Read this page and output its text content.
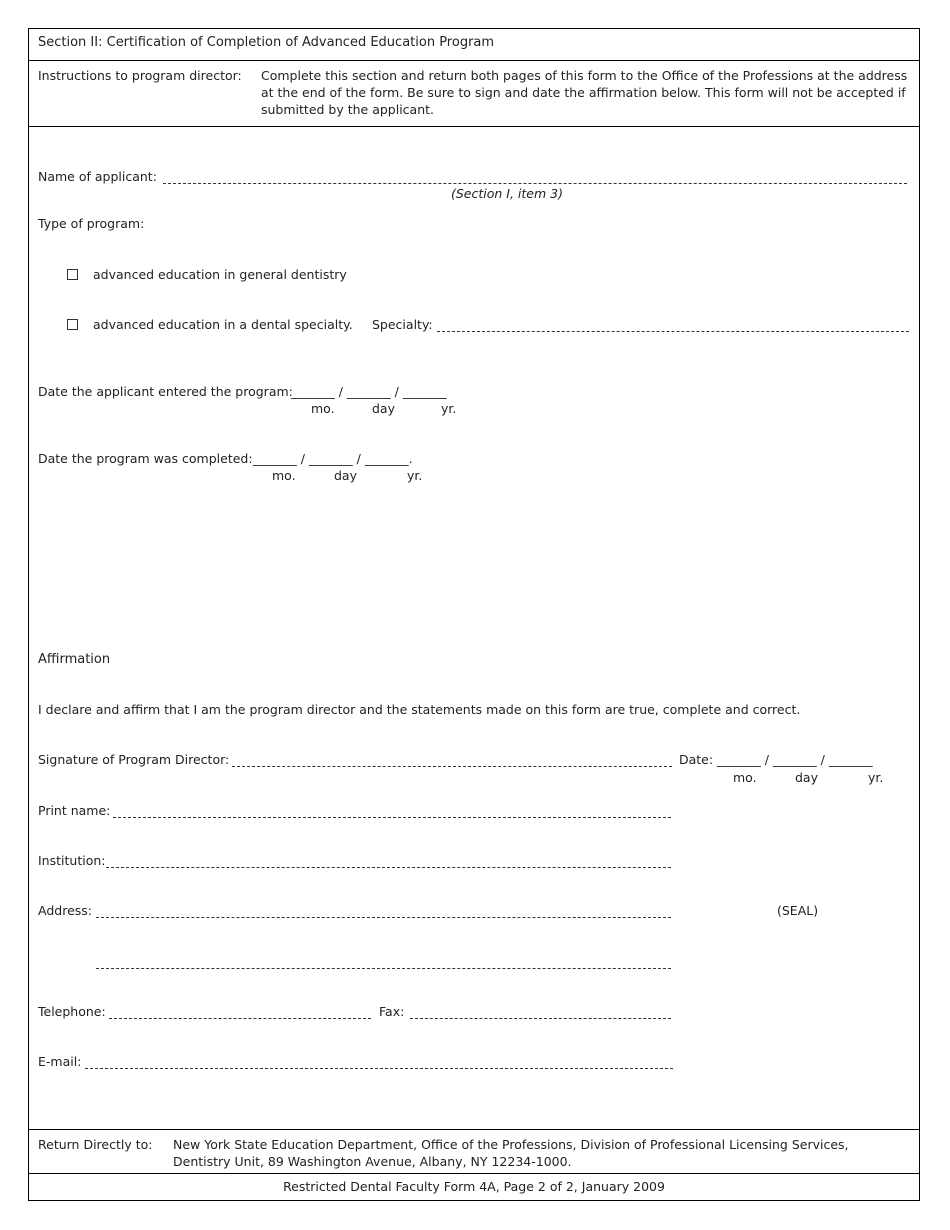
Section II: Certification of Completion of Advanced Education Program
Instructions to program director: Complete this section and return both pages of this form to the Office of the Professions at the address at the end of the form. Be sure to sign and date the affirmation below. This form will not be accepted if submitted by the applicant.
Name of applicant:
(Section I, item 3)
Type of program:
advanced education in general dentistry
advanced education in a dental specialty. Specialty:
Date the applicant entered the program:
_______ / _______ / _______
mo.	day	yr.
Date the program was completed: _______ / _______ / _______.
mo.	day	yr.
Affirmation
I declare and affirm that I am the program director and the statements made on this form are true, complete and correct.
Signature of Program Director:	Date: _______ / _______ / _______
mo.	day	yr.
Print name:
Institution:
Address:	(SEAL)
Telephone:	Fax:
E-mail:
Return Directly to: New York State Education Department, Office of the Professions, Division of Professional Licensing Services,
Dentistry Unit, 89 Washington Avenue, Albany, NY 12234-1000.
Restricted Dental Faculty Form 4A, Page 2 of 2, January 2009
